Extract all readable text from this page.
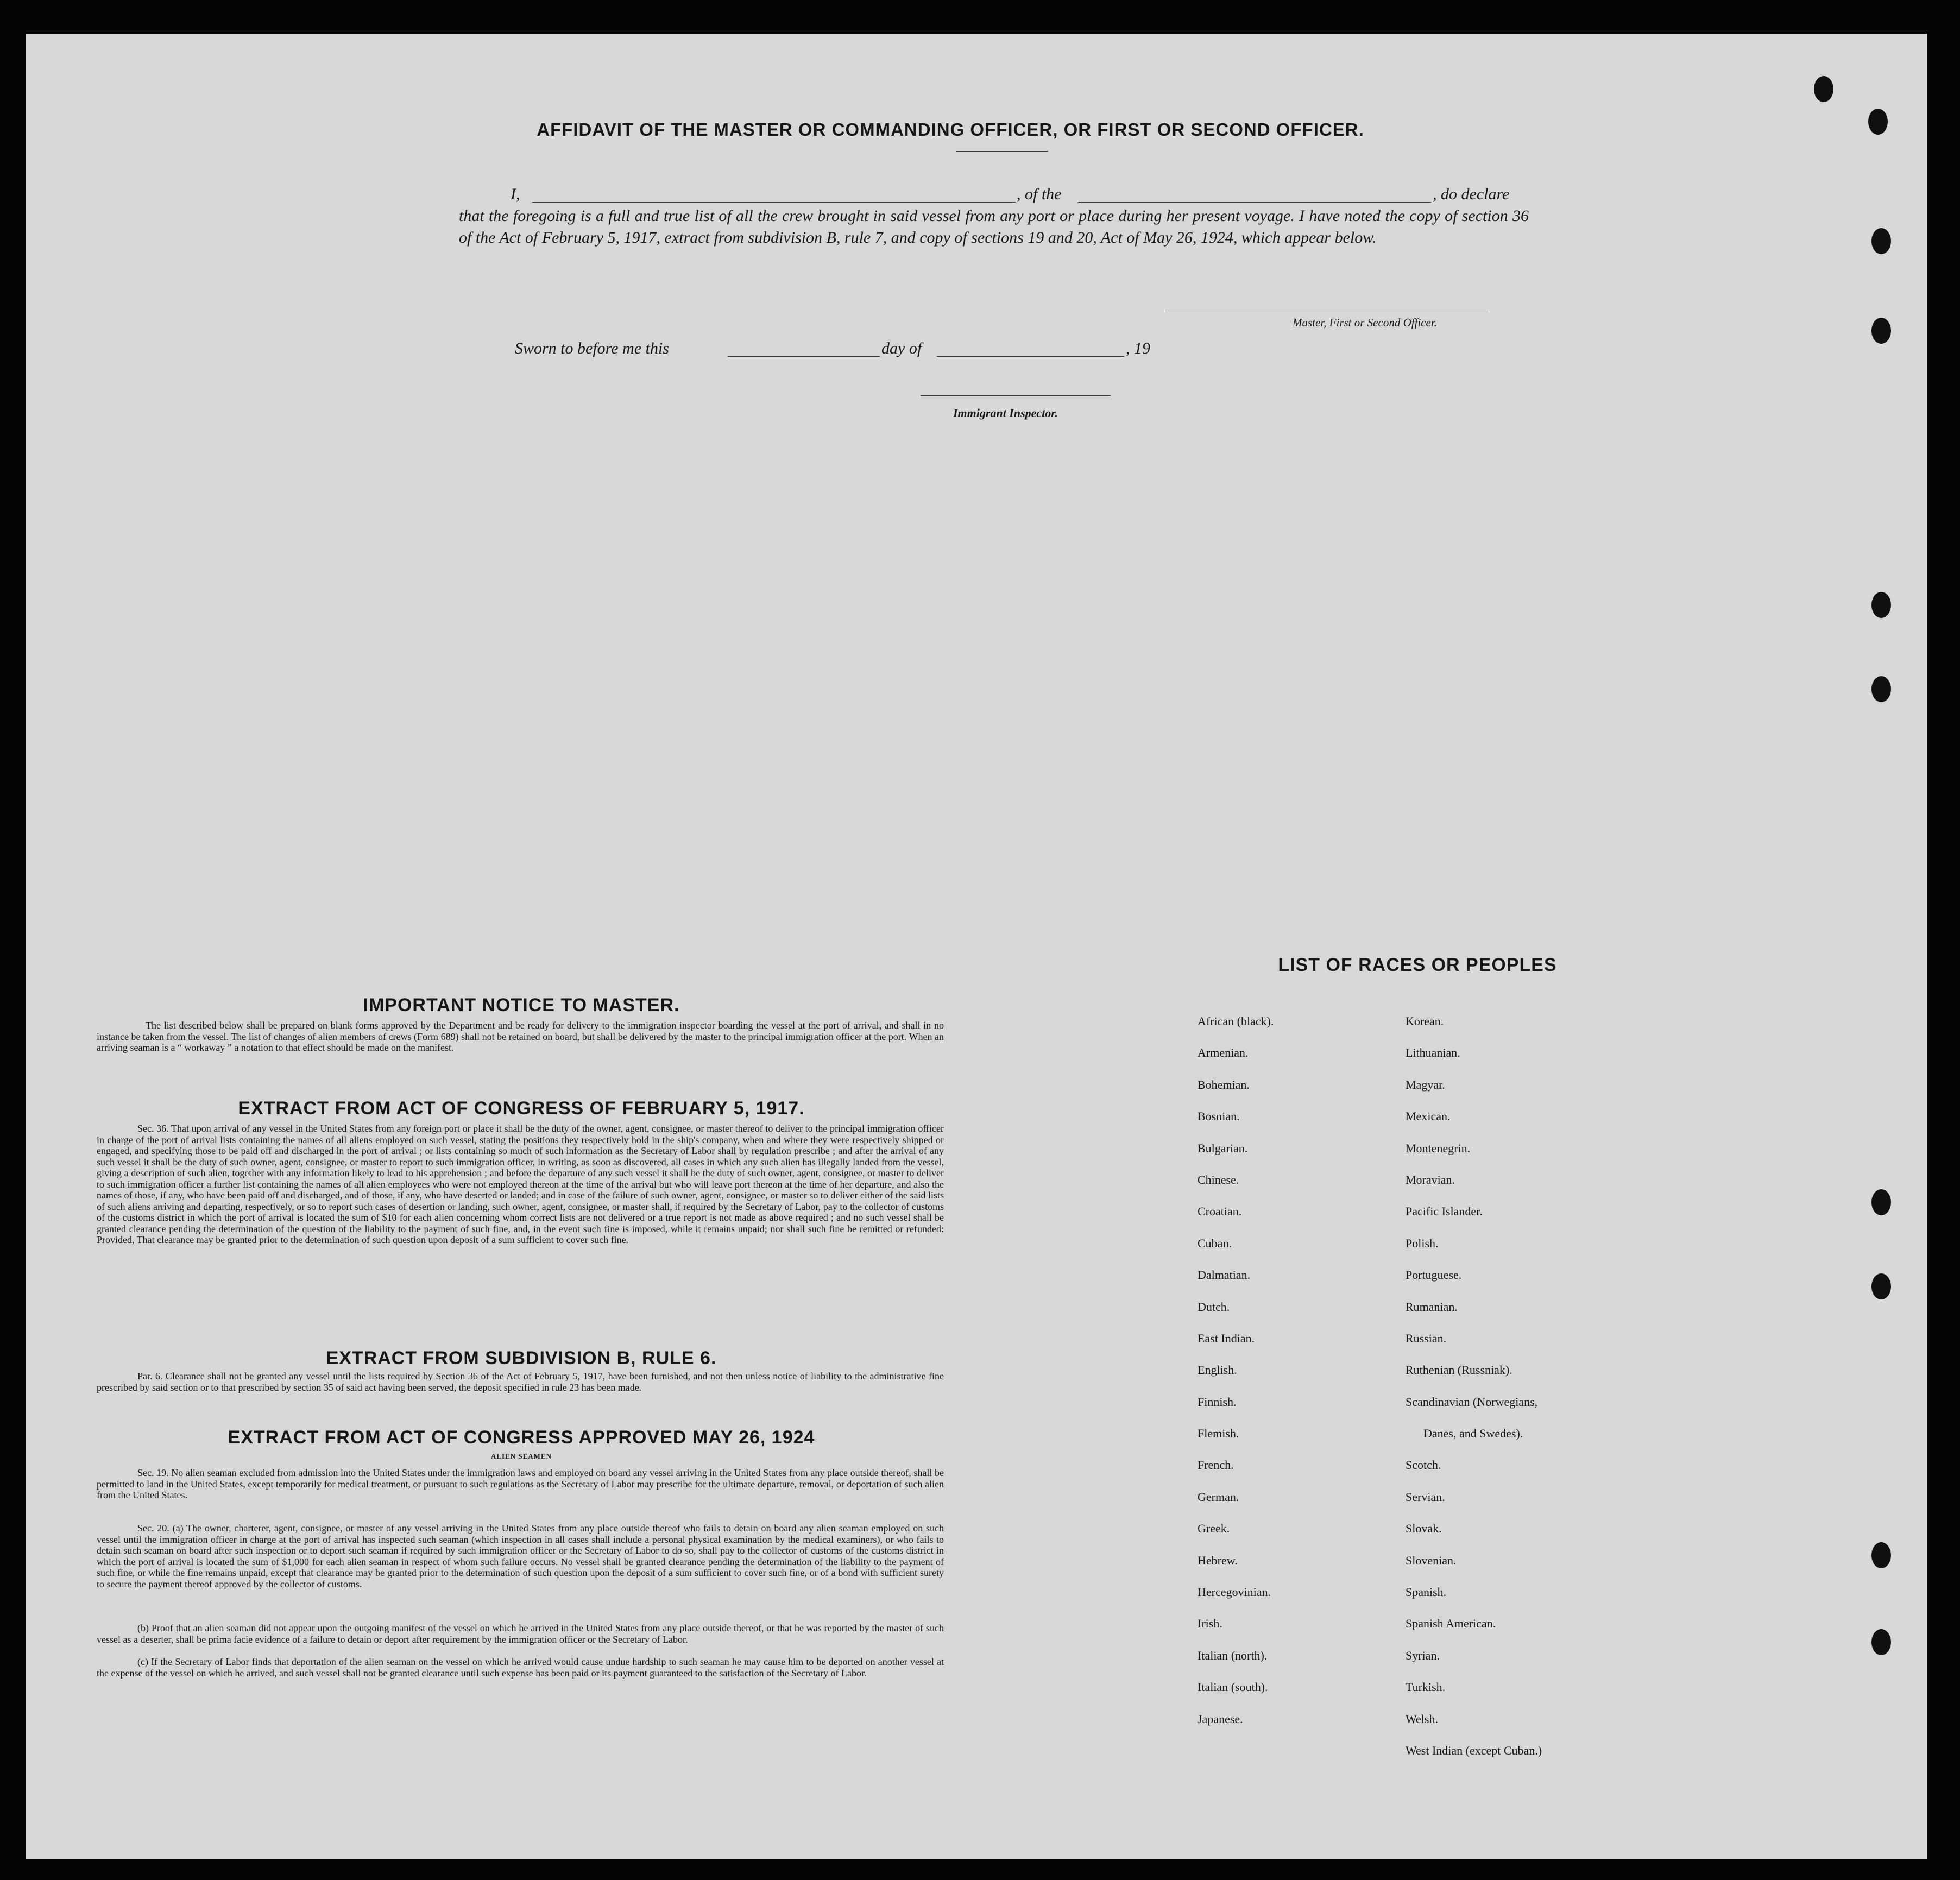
AFFIDAVIT OF THE MASTER OR COMMANDING OFFICER, OR FIRST OR SECOND OFFICER.
I,	, of the	, do declare
that the foregoing is a full and true list of all the crew brought in said vessel from any port or place during her present voyage. I have noted the copy of section 36 of the Act of February 5, 1917, extract from subdivision B, rule 7, and copy of sections 19 and 20, Act of May 26, 1924, which appear below.
Master, First or Second Officer.
Sworn to before me this	day of	, 19
Immigrant Inspector.
IMPORTANT NOTICE TO MASTER.
The list described below shall be prepared on blank forms approved by the Department and be ready for delivery to the immigration inspector boarding the vessel at the port of arrival, and shall in no instance be taken from the vessel. The list of changes of alien members of crews (Form 689) shall not be retained on board, but shall be delivered by the master to the principal immigration officer at the port. When an arriving seaman is a “ workaway ” a notation to that effect should be made on the manifest.
EXTRACT FROM ACT OF CONGRESS OF FEBRUARY 5, 1917.
Sec. 36. That upon arrival of any vessel in the United States from any foreign port or place it shall be the duty of the owner, agent, consignee, or master thereof to deliver to the principal immigration officer in charge of the port of arrival lists containing the names of all aliens employed on such vessel, stating the positions they respectively hold in the ship's company, when and where they were respectively shipped or engaged, and specifying those to be paid off and discharged in the port of arrival ; or lists containing so much of such information as the Secretary of Labor shall by regulation prescribe ; and after the arrival of any such vessel it shall be the duty of such owner, agent, consignee, or master to report to such immigration officer, in writing, as soon as discovered, all cases in which any such alien has illegally landed from the vessel, giving a description of such alien, together with any information likely to lead to his apprehension ; and before the departure of any such vessel it shall be the duty of such owner, agent, consignee, or master to deliver to such immigration officer a further list containing the names of all alien employees who were not employed thereon at the time of the arrival but who will leave port thereon at the time of her departure, and also the names of those, if any, who have been paid off and discharged, and of those, if any, who have deserted or landed; and in case of the failure of such owner, agent, consignee, or master so to deliver either of the said lists of such aliens arriving and departing, respectively, or so to report such cases of desertion or landing, such owner, agent, consignee, or master shall, if required by the Secretary of Labor, pay to the collector of customs of the customs district in which the port of arrival is located the sum of $10 for each alien concerning whom correct lists are not delivered or a true report is not made as above required ; and no such vessel shall be granted clearance pending the determination of the question of the liability to the payment of such fine, and, in the event such fine is imposed, while it remains unpaid; nor shall such fine be remitted or refunded: Provided, That clearance may be granted prior to the determination of such question upon deposit of a sum sufficient to cover such fine.
EXTRACT FROM SUBDIVISION B, RULE 6.
Par. 6. Clearance shall not be granted any vessel until the lists required by Section 36 of the Act of February 5, 1917, have been furnished, and not then unless notice of liability to the administrative fine prescribed by said section or to that prescribed by section 35 of said act having been served, the deposit specified in rule 23 has been made.
EXTRACT FROM ACT OF CONGRESS APPROVED MAY 26, 1924
ALIEN SEAMEN
Sec. 19. No alien seaman excluded from admission into the United States under the immigration laws and employed on board any vessel arriving in the United States from any place outside thereof, shall be permitted to land in the United States, except temporarily for medical treatment, or pursuant to such regulations as the Secretary of Labor may prescribe for the ultimate departure, removal, or deportation of such alien from the United States.
Sec. 20. (a) The owner, charterer, agent, consignee, or master of any vessel arriving in the United States from any place outside thereof who fails to detain on board any alien seaman employed on such vessel until the immigration officer in charge at the port of arrival has inspected such seaman (which inspection in all cases shall include a personal physical examination by the medical examiners), or who fails to detain such seaman on board after such inspection or to deport such seaman if required by such immigration officer or the Secretary of Labor to do so, shall pay to the collector of customs of the customs district in which the port of arrival is located the sum of $1,000 for each alien seaman in respect of whom such failure occurs. No vessel shall be granted clearance pending the determination of the liability to the payment of such fine, or while the fine remains unpaid, except that clearance may be granted prior to the determination of such question upon the deposit of a sum sufficient to cover such fine, or of a bond with sufficient surety to secure the payment thereof approved by the collector of customs.
(b) Proof that an alien seaman did not appear upon the outgoing manifest of the vessel on which he arrived in the United States from any place outside thereof, or that he was reported by the master of such vessel as a deserter, shall be prima facie evidence of a failure to detain or deport after requirement by the immigration officer or the Secretary of Labor.
(c) If the Secretary of Labor finds that deportation of the alien seaman on the vessel on which he arrived would cause undue hardship to such seaman he may cause him to be deported on another vessel at the expense of the vessel on which he arrived, and such vessel shall not be granted clearance until such expense has been paid or its payment guaranteed to the satisfaction of the Secretary of Labor.
LIST OF RACES OR PEOPLES
African (black).
Armenian.
Bohemian.
Bosnian.
Bulgarian.
Chinese.
Croatian.
Cuban.
Dalmatian.
Dutch.
East Indian.
English.
Finnish.
Flemish.
French.
German.
Greek.
Hebrew.
Hercegovinian.
Irish.
Italian (north).
Italian (south).
Japanese.
Korean.
Lithuanian.
Magyar.
Mexican.
Montenegrin.
Moravian.
Pacific Islander.
Polish.
Portuguese.
Rumanian.
Russian.
Ruthenian (Russniak).
Scandinavian (Norwegians,
Danes, and Swedes).
Scotch.
Servian.
Slovak.
Slovenian.
Spanish.
Spanish American.
Syrian.
Turkish.
Welsh.
West Indian (except Cuban.)
